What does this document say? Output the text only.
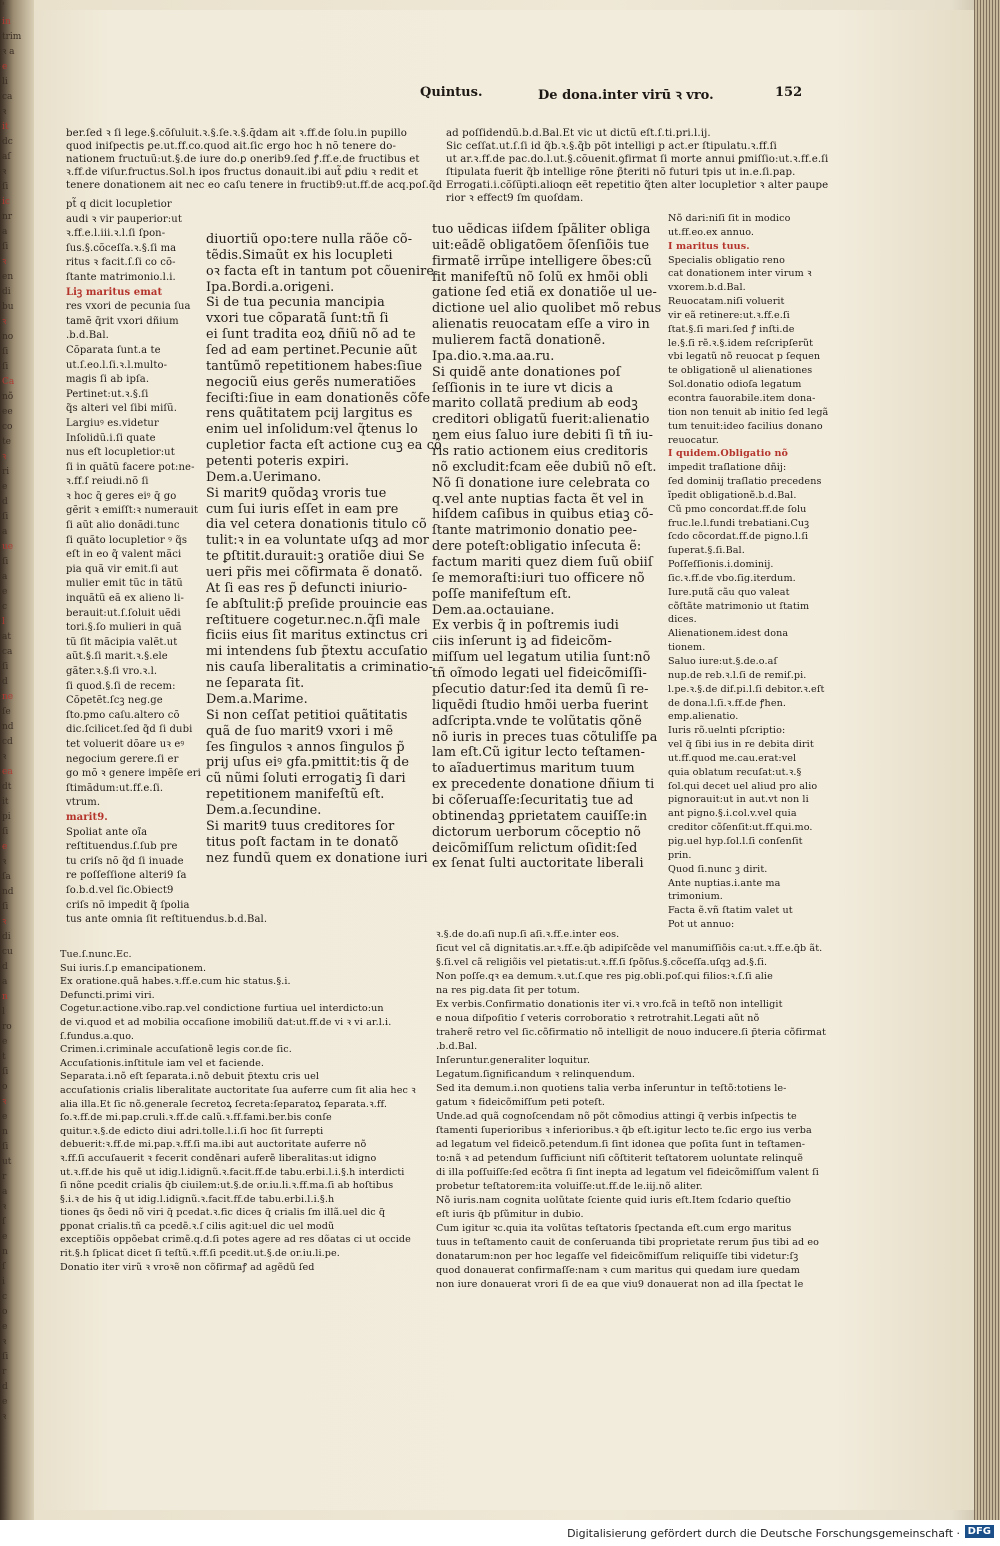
'
in
trim
ꝛ a
e
li
ca
ꝛ
it
dc
aſ
ꝛ
ſi
ic
nr
a
ſi
ꝛ
en
di
bu
ꝛ
no
ſi
ſi
Ca
nõ
ee
co
te
ꝛ
ri
e
d
ſi
a
ue
ſi
a
e
c
l
at
ca
ſi
d
ne
ſe
nd
cd
ꝛ
ea
dt
it
pi
ſi
e
ꝛ
ſa
nd
ſi
ꝛ
di
cu
d
a
n
l
ro
e
t
ſi
o
ꝛ
e
n
ſi
ut
r
a
ꝛ
ſ
e
n
ſ
i
c
o
e
ꝛ
ſi
r
d
e
ꝛ
Quintus.	De dona.inter virū ꝛ vro.	152

ber.ſed ꝛ ſi lege.§.cõſuluit.ꝛ.§.ſe.ꝛ.§.q̄dam ait ꝛ.ff.de ſolu.in pupillo

quod iniſpectis ꝑe.ut.ff.co.quod ait.ſic ergo hoc h nõ tenere do-

nationem fructuũ:ut.§.de iure do.ꝑ onerib9.ſed ꝭ.ff.e.de fructibus et

ꝛ.ff.de viſur.fructus.Sol.h ipos fructus donauit.ibi aut̃ ꝑdiu ꝛ redit et

tenere donationem ait nec eo caſu tenere in fructib9:ut.ff.de acq.poſ.q̃d

pt̃ q dicit locupletior

audi ꝛ vir pauperior:ut

ꝛ.ff.e.l.iii.ꝛ.l.ſi ſpon-

ſus.§.cõceſſa.ꝛ.§.ſi ma

ritus ꝛ facit.ſ.ſi co cõ-

ſtante matrimonio.l.i.

Liꝫ maritus emat

res vxori de pecunia ſua

tamẽ q̄rit vxori dñium

.b.d.Bal.

Cõparata ſunt.a te

ut.ſ.eo.l.ſi.ꝛ.l.multo-

magis ſi ab ipſa.

Pertinet:ut.ꝛ.§.ſi

q̃s alteri vel ſibi miſũ.

Largiuꝰ es.videtur

Inſolidũ.i.ſi quate

nus eſt locupletior:ut

ſi in quãtũ facere pot:ne-

ꝛ.ff.ſ reiudi.nõ ſi

ꝛ hoc q̄ geres eiꝰ q̄ go

gẽrit ꝛ emiſſt:ꝛ numerauit

ſi aũt alio donãdi.tunc

ſi quãto locupletior ꝰ q̃s

eſt in eo q̃ valent mãci

pia quã vir emit.ſi aut

mulier emit tũc in tãtũ

inquãtũ eã ex alieno li-

berauit:ut.ſ.ſoluit uẽdi

tori.§.ſo mulieri in quã

tũ ſit mãcipia valẽt.ut

aũt.§.ſi marit.ꝛ.§.ele

gãter.ꝛ.§.ſi vro.ꝛ.l.

ſi quod.§.ſi de recem:

Cõpetẽt.ſcꝫ neg.ge

ſto.pmo caſu.altero cõ

dic.ſcilicet.ſed q̃d ſi dubi

tet voluerit dõare uꝛ eꝰ

negocium gerere.ſi er

go mõ ꝛ genere impẽſe eri

ſtimãdum:ut.ff.e.ſi.

vtrum.

marit9.

Spoliat ante oĩa

reſtituendus.ſ.ſub pre

tu criſs nõ q̃d ſi inuade

re poſſeſſione alteri9 ſa

ſo.b.d.vel ſic.Obiect9

criſs nõ impedit q̃ ſpolia

tus ante omnia ſit reſtituendus.b.d.Bal.

diuortiũ opo:tere nulla rãõe cõ-

tẽdis.Simaũt ex his locupleti

oꝛ facta eſt in tantum pot cõuenire.

Ipa.Bordi.a.origeni.

Si de tua pecunia mancipia

vxori tue cõparatã ſunt:tñ ſi

ei ſunt tradita eoꝝ dñiũ nõ ad te

ſed ad eam pertinet.Pecunie aũt

tantũmõ repetitionem habes:ſiue

negociũ eius gerẽs numeratiões

feciſti:ſiue in eam donationẽs cõfe

rens quãtitatem pcij largitus es

enim uel inſolidum:vel q̃tenus lo

cupletior facta eſt actione cuꝫ ea cõ

petenti poteris expiri.

Dem.a.Uerimano.

Si marit9 quõdaꝫ vroris tue

cum ſui iuris eſſet in eam pre

dia vel cetera donationis titulo cõ

tulit:ꝛ in ea voluntate uſqꝫ ad mor

te ꝑſtitit.durauit:ꝫ oratiõe diui Se

ueri pr̃is mei cõfirmata ẽ donatõ.

At ſi eas res p̃ defuncti iniurio-

ſe abſtulit:p̃ preſide prouincie eas

reſtituere cogetur.nec.n.q̃ſi male

ficiis eius ſit maritus extinctus cri

mi intendens ſub p̃textu accuſatio

nis cauſa liberalitatis a criminatio-

ne ſeparata ſit.

Dem.a.Marime.

Si non ceſſat petitioi quãtitatis

quã de ſuo marit9 vxori i mẽ

ſes ſingulos ꝛ annos ſingulos p̃

prij uſus eiꝰ gfa.pmittit:tis q̃ de

cũ nũmi ſoluti errogatiꝫ ſi dari

repetitionem manifeſtũ eſt.

Dem.a.ſecundine.

Si marit9 tuus creditores ſor

titus poſt factam in te donatõ

nez fundũ quem ex donatione iuri

ad poſſidendũ.b.d.Bal.Et vic ut dictũ eſt.ſ.ti.pri.l.ij.

Sic ceſſat.ut.ſ.ſi id q̃b.ꝛ.§.q̃b põt intelligi p act.er ſtipulatu.ꝛ.ff.ſi

ut ar.ꝛ.ff.de pac.do.l.ut.§.cõuenit.ꝯfirmat ſi morte annui ꝑmiſſio:ut.ꝛ.ff.e.ſi

ſtipulata fuerit q̃b intellige rõne p̃teriti nõ futuri tpis ut in.e.ſi.pap.

Errogati.i.cõſũpti.alioqn eẽt repetitio q̃ten alter locupletior ꝛ alter paupe

rior ꝛ effect9 ſm quoſdam.

tuo uẽdicas iiſdem ſpãliter obliga

uit:eãdẽ obligatõem õſenſiõis tue

firmatẽ irrũpe intelligere õbes:cũ

ſit manifeſtũ nõ ſolũ ex hmõi obli

gatione ſed etiã ex donatiõe ul ue-

dictione uel alio quolibet mõ rebus

alienatis reuocatam eſſe a viro in

mulierem factã donationẽ.

Ipa.dio.ꝛ.ma.aa.ru.

Si quidẽ ante donationes poſ

ſeſſionis in te iure vt dicis a

marito collatã predium ab eodꝫ

creditori obligatũ fuerit:alienatio

nem eius ſaluo iure debiti ſi tñ iu-

ris ratio actionem eius creditoris

nõ excludit:fcam eẽe dubiũ nõ eſt.

Nõ ſi donatione iure celebrata co

q.vel ante nuptias facta ẽt vel in

hiſdem caſibus in quibus etiaꝫ cõ-

ſtante matrimonio donatio pee-

dere poteſt:obligatio inſecuta ẽ:

factum mariti quez diem ſuũ obiiſ

ſe memoraſti:iuri tuo officere nõ

poſſe manifeſtum eſt.

Dem.aa.octauiane.

Ex verbis q̃ in poſtremis iudi

ciis inſerunt iꝫ ad fideicõm-

miſſum uel legatum utilia ſunt:nõ

tñ oĩmodo legati uel fideicõmiſſi-

pſecutio datur:ſed ita demũ ſi re-

liquẽdi ſtudio hmõi uerba fuerint

adſcripta.vnde te volũtatis qõnẽ

nõ iuris in preces tuas cõtuliſſe pa

lam eſt.Cũ igitur lecto teſtamen-

to aĩaduertimus maritum tuum

ex precedente donatione dñium ti

bi cõſeruaſſe:ſecuritatiꝫ tue ad

obtinendaꝫ ꝑprietatem cauiſſe:in

dictorum uerborum cõceptio nõ

deicõmiſſum relictum oſidit:ſed

ex ſenat ſulti auctoritate liberali

Nõ dari:niſi ſit in modico

ut.ff.eo.ex annuo.

I maritus tuus.

Specialis obligatio reno

cat donationem inter virum ꝛ

vxorem.b.d.Bal.

Reuocatam.niſi voluerit

vir eã retinere:ut.ꝛ.ff.e.ſi

ſtat.§.ſi mari.ſed ꝭ inſti.de

le.§.ſi rẽ.ꝛ.§.idem reſcripſerũt

vbi legatũ nõ reuocat p ſequen

te obligationẽ ul alienationes

Sol.donatio odioſa legatum

econtra fauorabile.item dona-

tion non tenuit ab initio ſed legã

tum tenuit:ideo facilius donano

reuocatur.

I quidem.Obligatio nõ

impedit traſlatione dñij:

ſed dominij traſlatio precedens

ĩpedit obligationẽ.b.d.Bal.

Cũ pmo concordat.ff.de ſolu

fruc.le.l.fundi trebatiani.Cuꝫ

ſcdo cõcordat.ff.de pigno.l.ſi

ſuperat.§.ſi.Bal.

Poſſeſſionis.i.dominij.

ſic.ꝛ.ff.de vbo.ſig.iterdum.

Iure.putã cãu quo valeat

cõſtãte matrimonio ut ſtatim

dices.

Alienationem.idest dona

tionem.

Saluo iure:ut.§.de.o.aſ

nup.de reb.ꝛ.l.ſi de remiſ.pi.

l.pe.ꝛ.§.de dif.pi.l.ſi debitor.ꝛ.eſt

de dona.l.ſi.ꝛ.ff.de ꝭhen.

emp.alienatio.

Iuris rõ.uelnti pſcriptio:

vel q̃ ſibi ius in re debita dirit

ut.ff.quod me.cau.erat:vel

quia oblatum recuſat:ut.ꝛ.§

ſol.qui decet uel aliud pro alio

pignorauit:ut in aut.vt non li

ant pigno.§.i.col.v.vel quia

creditor cõſenſit:ut.ff.qui.mo.

pig.uel hyp.ſol.l.ſi conſenſit

prin.

Quod ſi.nunc ꝫ dirit.

Ante nuptias.i.ante ma

trimonium.

Facta ẽ.vñ ſtatim valet ut

Pot ut annuo:

Tue.ſ.nunc.Ec.

Sui iuris.ſ.p emancipationem.

Ex oratione.quã habes.ꝛ.ff.e.cum hic status.§.i.

Defuncti.primi viri.

Cogetur.actione.vibo.rap.vel condictione furtiua uel interdicto:un

de vi.quod et ad mobilia occaſione imobiliũ dat:ut.ff.de vi ꝛ vi ar.l.i.

ſ.fundus.a.quo.

Crimen.i.criminale accuſationẽ legis cor.de ſic.

Accuſationis.inſtitule iam vel et faciende.

Separata.i.nõ eſt ſeparata.i.nõ debuit p̃textu cris uel

accuſationis crialis liberalitate auctoritate ſua auferre cum ſit alia hec ꝛ

alia illa.Et ſic nõ.generale ſecretoꝝ ſecreta:ſeparatoꝝ ſeparata.ꝛ.ff.

ſo.ꝛ.ff.de mi.pap.cruli.ꝛ.ff.de calũ.ꝛ.ff.fami.ber.bis conſe

quitur.ꝛ.§.de edicto diui adri.tolle.l.i.ſi hoc ſit ſurrepti

debuerit:ꝛ.ff.de mi.pap.ꝛ.ff.ſi ma.ibi aut auctoritate auferre nõ

ꝛ.ff.ſi accuſauerit ꝛ fecerit condẽnari auferẽ liberalitas:ut idigno

ut.ꝛ.ff.de his quẽ ut idig.l.idignũ.ꝛ.facit.ff.de tabu.erbi.l.i.§.h interdicti

ſi nõne pcedit crialis q̃b ciuilem:ut.§.de or.iu.li.ꝛ.ff.ma.ſi ab hoſtibus

§.i.ꝛ de his q̃ ut idig.l.idignũ.ꝛ.facit.ff.de tabu.erbi.l.i.§.h

tiones q̃s õedi nõ viri q̃ pcedat.ꝛ.fic dices q̃ crialis ſm illã.uel dic q̃

ꝑponat crialis.tñ ca pcedẽ.ꝛ.ſ cilis agit:uel dic uel modũ

exceptiõis oppõebat crimẽ.q.d.ſi potes agere ad res dõatas ci ut occide

rit.§.h ſplicat dicet ſi teſtũ.ꝛ.ff.ſi pcedit.ut.§.de or.iu.li.pe.

Donatio iter virũ ꝛ vroꝛẽ non cõfirmaꝭ ad agẽdũ ſed

ꝛ.§.de do.aſi nup.ſi aſi.ꝛ.ff.e.inter eos.

ſicut vel cã dignitatis.ar.ꝛ.ff.e.q̃b adipiſcẽde vel manumiſſiõis ca:ut.ꝛ.ff.e.q̃b ãt.

§.ſi.vel cã religiõis vel pietatis:ut.ꝛ.ff.ſi ſpõſus.§.cõceſſa.uſqꝫ ad.§.ſi.

Non poſſe.qꝛ ea demum.ꝛ.ut.ſ.que res pig.obli.poſ.qui filios:ꝛ.ſ.ſi alie

na res pig.data ſit per totum.

Ex verbis.Confirmatio donationis iter vi.ꝛ vro.fcã in teſtõ non intelligit

e noua diſpoſitio ſ veteris corroboratio ꝛ retrotrahit.Legati aũt nõ

traherẽ retro vel ſic.cõfirmatio nõ intelligit de nouo inducere.ſi p̃teria cõfirmat

.b.d.Bal.

Inſeruntur.generaliter loquitur.

Legatum.ſignificandum ꝛ relinquendum.

Sed ita demum.i.non quotiens talia verba inſeruntur in teſtõ:totiens le-

gatum ꝛ fideicõmiſſum peti poteſt.

Unde.ad quã cognoſcendam nõ põt cõmodius attingi q̃ verbis inſpectis te

ſtamenti ſuperioribus ꝛ inferioribus.ꝛ q̃b eſt.igitur lecto te.ſic ergo ius verba

ad legatum vel fideicõ.petendum.ſi ſint idonea que poſita ſunt in teſtamen-

to:nã ꝛ ad petendum ſufficiunt niſi cõſtiterit teſtatorem uoluntate relinquẽ

di illa poſſuiſſe:ſed ecõtra ſi ſint inepta ad legatum vel fideicõmiſſum valent ſi

probetur teſtatorem:ita voluiſſe:ut.ff.de le.iij.nõ aliter.

Nõ iuris.nam cognita uolũtate ſciente quid iuris eſt.Item ſcdario queſtio

eſt iuris q̃b pſũmitur in dubio.

Cum igitur ꝛc.quia ita volũtas teſtatoris ſpectanda eſt.cum ergo maritus

tuus in teſtamento cauit de conſeruanda tibi proprietate rerum p̃us tibi ad eo

donatarum:non per hoc legaſſe vel fideicõmiſſum reliquiſſe tibi videtur:ſꝫ

quod donauerat confirmaſſe:nam ꝛ cum maritus qui quedam iure quedam

non iure donauerat vrori ſi de ea que viu9 donauerat non ad illa ſpectat le

Digitalisierung gefördert durch die Deutsche Forschungsgemeinschaft · DFG
